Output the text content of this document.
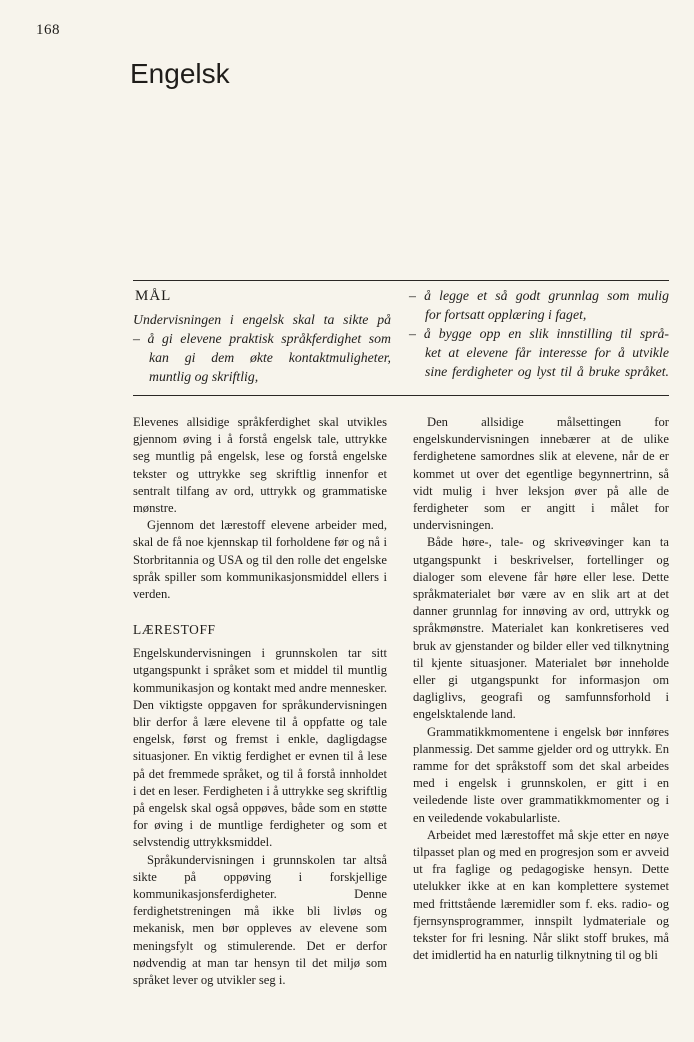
168
Engelsk
MÅL
Undervisningen i engelsk skal ta sikte på
– å gi elevene praktisk språkferdighet som
kan gi dem økte kontaktmuligheter,
muntlig og skriftlig,
– å legge et så godt grunnlag som mulig
for fortsatt opplæring i faget,
– å bygge opp en slik innstilling til språ-
ket at elevene får interesse for å utvikle
sine ferdigheter og lyst til å bruke språket.

Elevenes allsidige språkferdighet skal utvikles gjennom øving i å forstå engelsk tale, uttrykke seg muntlig på engelsk, lese og forstå engelske tekster og uttrykke seg skriftlig innenfor et sentralt tilfang av ord, uttrykk og grammatiske mønstre.

Gjennom det lærestoff elevene arbeider med, skal de få noe kjennskap til forholdene før og nå i Storbritannia og USA og til den rolle det engelske språk spiller som kommunikasjonsmiddel ellers i verden.

LÆRESTOFF

Engelskundervisningen i grunnskolen tar sitt utgangspunkt i språket som et middel til muntlig kommunikasjon og kontakt med andre mennesker. Den viktigste oppgaven for språkundervisningen blir derfor å lære elevene til å oppfatte og tale engelsk, først og fremst i enkle, dagligdagse situasjoner. En viktig ferdighet er evnen til å lese på det fremmede språket, og til å forstå innholdet i det en leser. Ferdigheten i å uttrykke seg skriftlig på engelsk skal også oppøves, både som en støtte for øving i de muntlige ferdigheter og som et selvstendig uttrykksmiddel.

Språkundervisningen i grunnskolen tar altså sikte på oppøving i forskjellige kommunikasjonsferdigheter. Denne ferdighetstreningen må ikke bli livløs og mekanisk, men bør oppleves av elevene som meningsfylt og stimulerende. Det er derfor nødvendig at man tar hensyn til det miljø som språket lever og utvikler seg i.

Den allsidige målsettingen for engelskundervisningen innebærer at de ulike ferdighetene samordnes slik at elevene, når de er kommet ut over det egentlige begynnertrinn, så vidt mulig i hver leksjon øver på alle de ferdigheter som er angitt i målet for undervisningen.

Både høre-, tale- og skriveøvinger kan ta utgangspunkt i beskrivelser, fortellinger og dialoger som elevene får høre eller lese. Dette språkmaterialet bør være av en slik art at det danner grunnlag for innøving av ord, uttrykk og språkmønstre. Materialet kan konkretiseres ved bruk av gjenstander og bilder eller ved tilknytning til kjente situasjoner. Materialet bør inneholde eller gi utgangspunkt for informasjon om dagliglivs, geografi og samfunnsforhold i engelsktalende land.

Grammatikkmomentene i engelsk bør innføres planmessig. Det samme gjelder ord og uttrykk. En ramme for det språkstoff som det skal arbeides med i engelsk i grunnskolen, er gitt i en veiledende liste over grammatikkmomenter og i en veiledende vokabularliste.

Arbeidet med lærestoffet må skje etter en nøye tilpasset plan og med en progresjon som er avveid ut fra faglige og pedagogiske hensyn. Dette utelukker ikke at en kan komplettere systemet med frittstående læremidler som f. eks. radio- og fjernsynsprogrammer, innspilt lydmateriale og tekster for fri lesning. Når slikt stoff brukes, må det imidlertid ha en naturlig tilknytning til og bli
